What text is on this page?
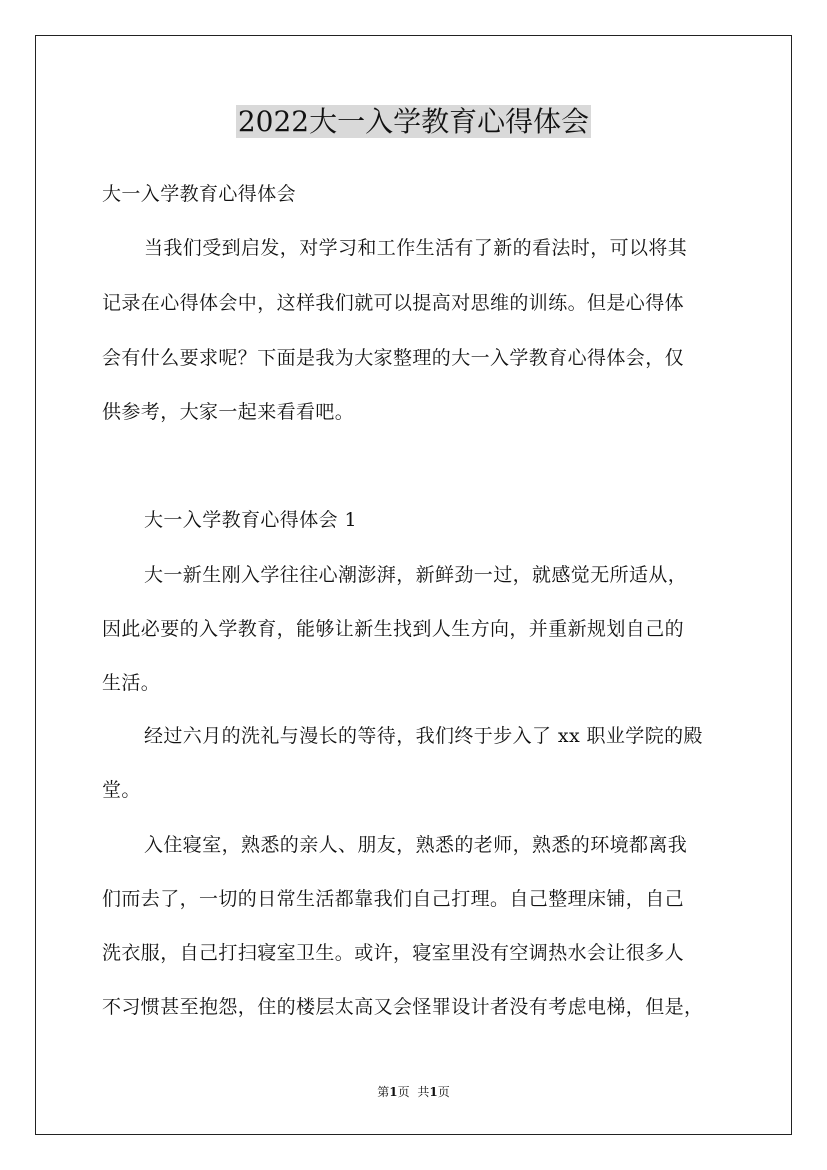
2022大一入学教育心得体会
大一入学教育心得体会
当我们受到启发，对学习和工作生活有了新的看法时，可以将其
记录在心得体会中，这样我们就可以提高对思维的训练。但是心得体
会有什么要求呢？下面是我为大家整理的大一入学教育心得体会，仅
供参考，大家一起来看看吧。
大一入学教育心得体会 1
大一新生刚入学往往心潮澎湃，新鲜劲一过，就感觉无所适从，
因此必要的入学教育，能够让新生找到人生方向，并重新规划自己的
生活。
经过六月的洗礼与漫长的等待，我们终于步入了 xx 职业学院的殿
堂。
入住寝室，熟悉的亲人、朋友，熟悉的老师，熟悉的环境都离我
们而去了，一切的日常生活都靠我们自己打理。自己整理床铺，自己
洗衣服，自己打扫寝室卫生。或许，寝室里没有空调热水会让很多人
不习惯甚至抱怨，住的楼层太高又会怪罪设计者没有考虑电梯，但是，
第1页 共1页
